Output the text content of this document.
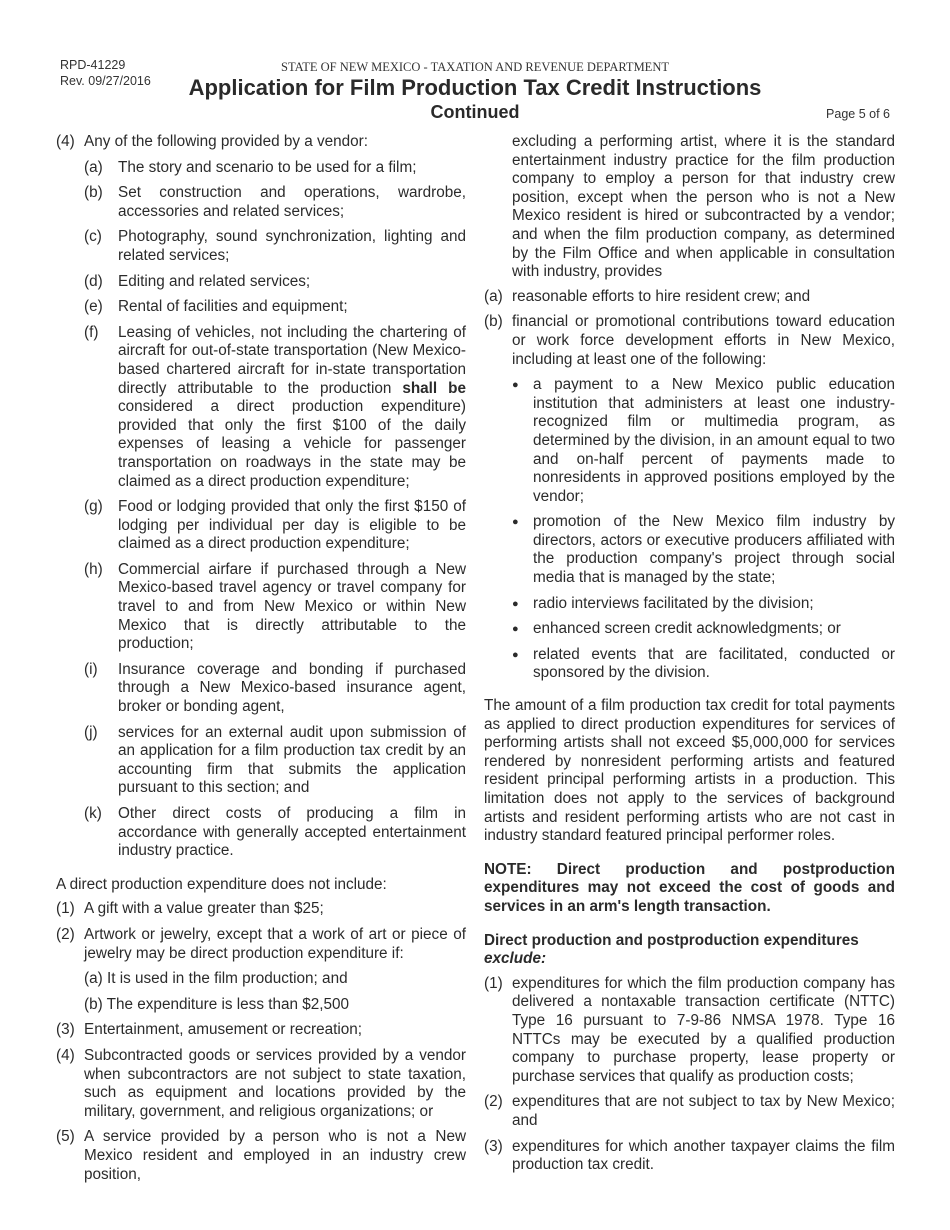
RPD-41229
Rev. 09/27/2016
STATE OF NEW MEXICO - TAXATION AND REVENUE DEPARTMENT
Application for Film Production Tax Credit Instructions
Continued	Page 5 of 6
(4) Any of the following provided by a vendor:
(a) The story and scenario to be used for a film;
(b) Set construction and operations, wardrobe, accessories and related services;
(c)	Photography, sound synchronization, lighting and related services;
(d) Editing and related services;
(e) Rental of facilities and equipment;
(f)	Leasing of vehicles, not including the chartering of aircraft for out-of-state transportation (New Mexico-based chartered aircraft for in-state transportation directly attributable to the production shall be considered a direct production expenditure) provided that only the first $100 of the daily expenses of leasing a vehicle for passenger transportation on roadways in the state may be claimed as a direct production expenditure;
(g) Food or lodging provided that only the first $150 of lodging per individual per day is eligible to be claimed as a direct production expenditure;
(h) Commercial airfare if purchased through a New Mexico-based travel agency or travel company for travel to and from New Mexico or within New Mexico that is directly attributable to the production;
(i)	Insurance coverage and bonding if purchased through a New Mexico-based insurance agent, broker or bonding agent,
(j)	services for an external audit upon submission of an application for a film production tax credit by an accounting firm that submits the application pursuant to this section; and
(k)	Other direct costs of producing a film in accordance with generally accepted entertainment industry practice.
A direct production expenditure does not include:
(1) A gift with a value greater than $25;
(2) Artwork or jewelry, except that a work of art or piece of jewelry may be direct production expenditure if:
(a) It is used in the film production; and
(b) The expenditure is less than $2,500
(3) Entertainment, amusement or recreation;
(4) Subcontracted goods or services provided by a vendor when subcontractors are not subject to state taxation, such as equipment and locations provided by the military, government, and religious organizations; or
(5) A service provided by a person who is not a New Mexico resident and employed in an industry crew position,
excluding a performing artist, where it is the standard entertainment industry practice for the film production company to employ a person for that industry crew position, except when the person who is not a New Mexico resident is hired or subcontracted by a vendor; and when the film production company, as determined by the Film Office and when applicable in consultation with industry, provides
(a) reasonable efforts to hire resident crew; and
(b) financial or promotional contributions toward education or work force development efforts in New Mexico, including at least one of the following:
● a payment to a New Mexico public education institution that administers at least one industry-recognized film or multimedia program, as determined by the division, in an amount equal to two and on-half percent of payments made to nonresidents in approved positions employed by the vendor;
● promotion of the New Mexico film industry by directors, actors or executive producers affiliated with the production company's project through social media that is managed by the state;
● radio interviews facilitated by the division;
● enhanced screen credit acknowledgments; or
● related events that are facilitated, conducted or sponsored by the division.
The amount of a film production tax credit for total payments as applied to direct production expenditures for services of performing artists shall not exceed $5,000,000 for services rendered by nonresident performing artists and featured resident principal performing artists in a production. This limitation does not apply to the services of background artists and resident performing artists who are not cast in industry standard featured principal performer roles.
NOTE: Direct production and postproduction expenditures may not exceed the cost of goods and services in an arm's length transaction.
Direct production and postproduction expenditures
exclude:
(1) expenditures for which the film production company has delivered a nontaxable transaction certificate (NTTC) Type 16 pursuant to 7-9-86 NMSA 1978. Type 16 NTTCs may be executed by a qualified production company to purchase property, lease property or purchase services that qualify as production costs;
(2) expenditures that are not subject to tax by New Mexico; and
(3) expenditures for which another taxpayer claims the film production tax credit.
